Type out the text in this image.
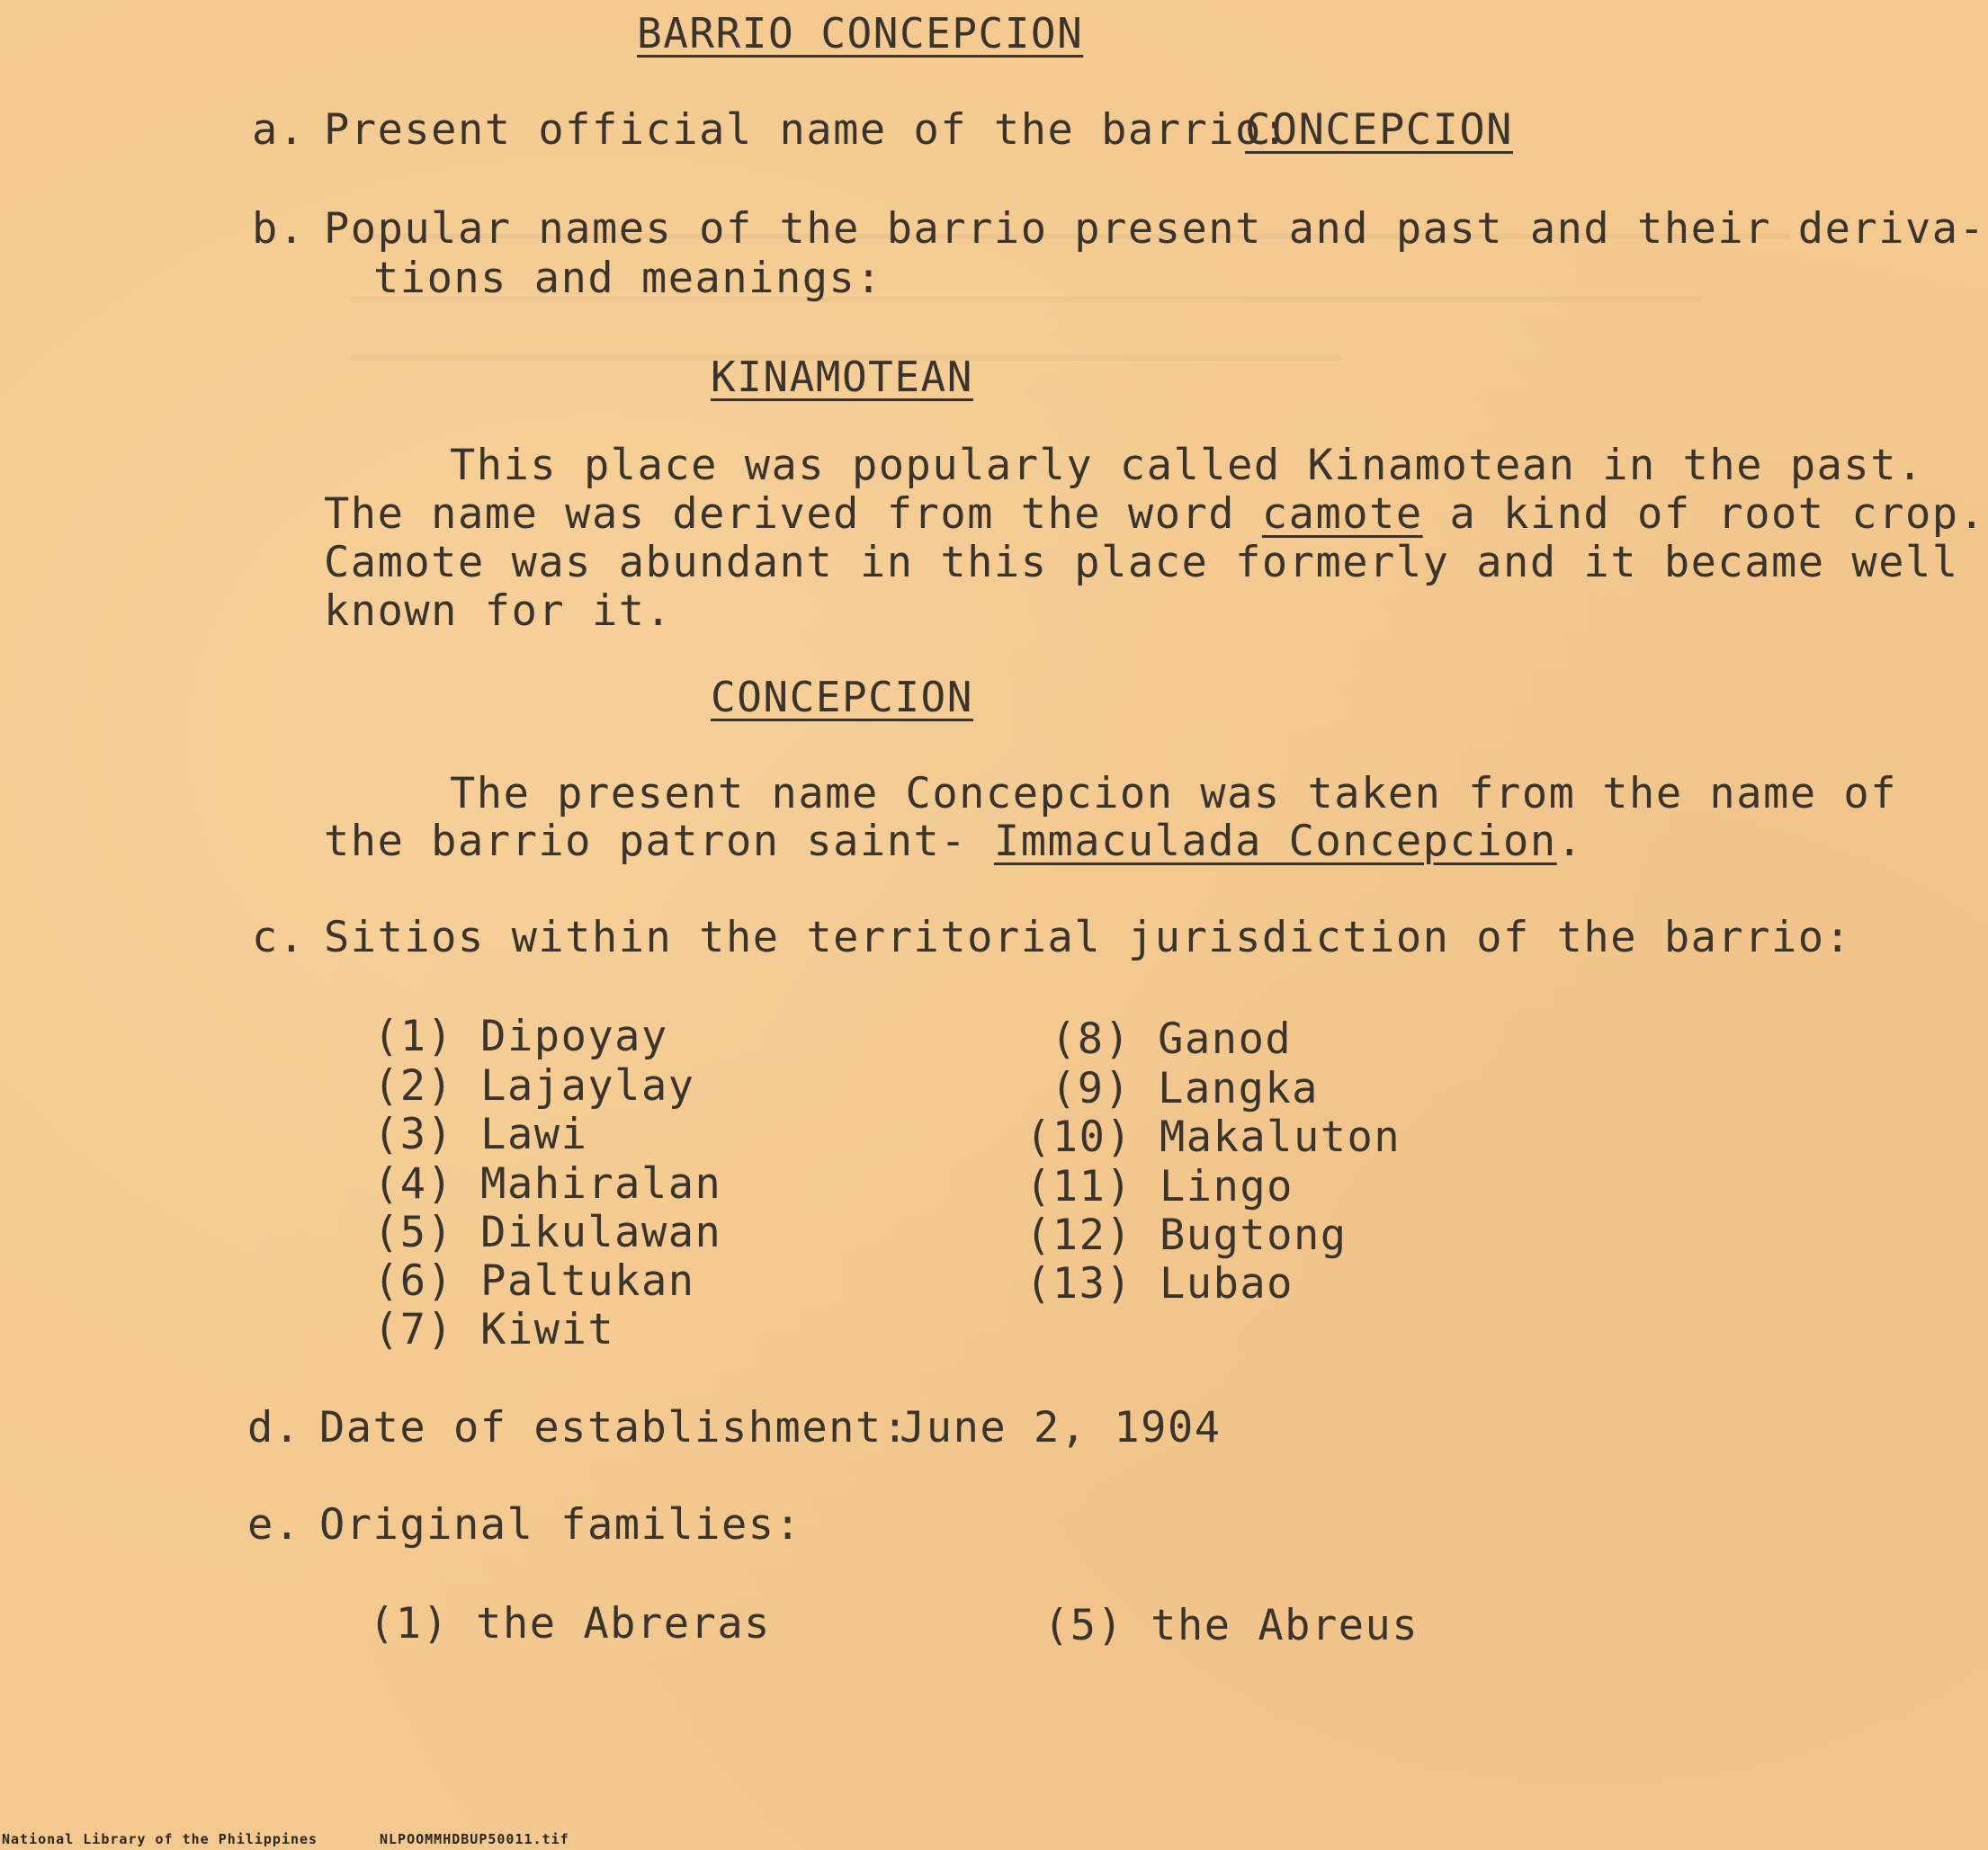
BARRIO CONCEPCION
a. Present official name of the barrio:
CONCEPCION
b. Popular names of the barrio present and past and their deriva-
tions and meanings:
KINAMOTEAN
This place was popularly called Kinamotean in the past.
The name was derived from the word camote a kind of root crop.
Camote was abundant in this place formerly and it became well
known for it.
CONCEPCION
The present name Concepcion was taken from the name of
the barrio patron saint- Immaculada Concepcion.
c. Sitios within the territorial jurisdiction of the barrio:
(1) Dipoyay
(2) Lajaylay
(3) Lawi
(4) Mahiralan
(5) Dikulawan
(6) Paltukan
(7) Kiwit
(8) Ganod
(9) Langka
(10) Makaluton
(11) Lingo
(12) Bugtong
(13) Lubao
d. Date of establishment:
June 2, 1904
e. Original families:
(1) the Abreras	(5) the Abreus
National Library of the Philippines	NLPOOMMHDBUP50011.tif
